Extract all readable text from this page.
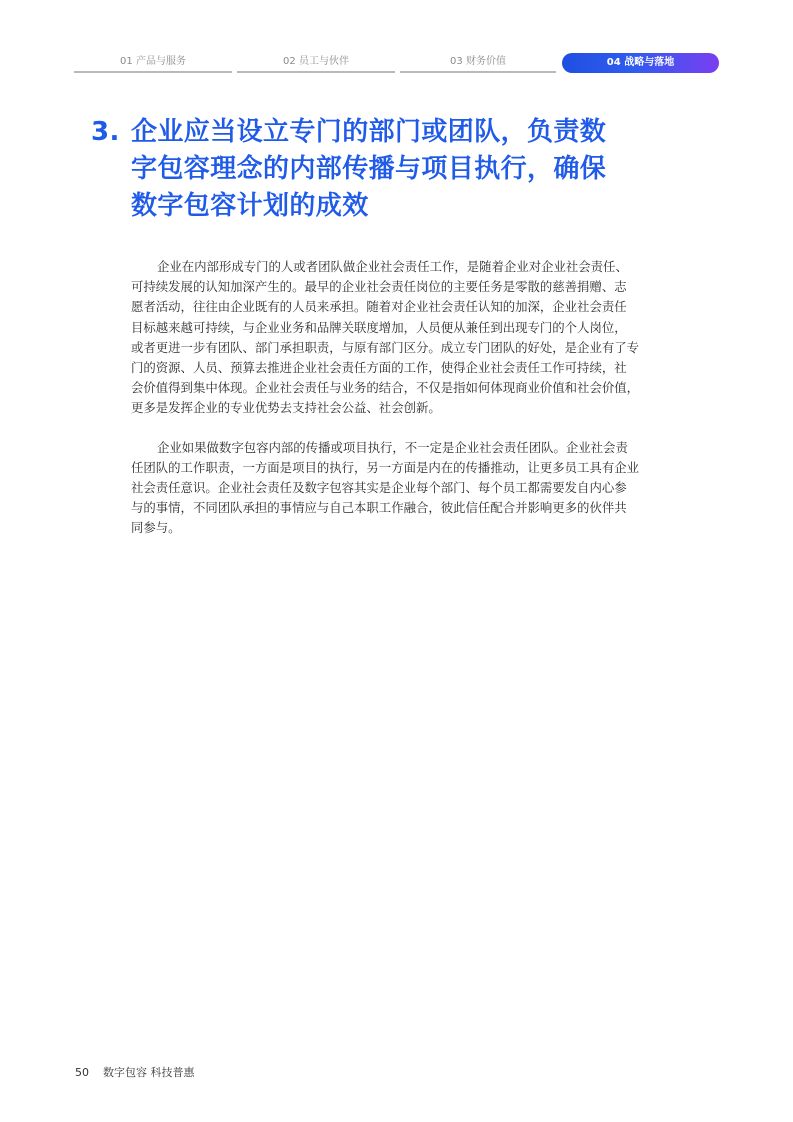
01 产品与服务	02 员工与伙伴	03 财务价值	04 战略与落地
3. 企业应当设立专门的部门或团队，负责数
字包容理念的内部传播与项目执行，确保
数字包容计划的成效

企业在内部形成专门的人或者团队做企业社会责任工作，是随着企业对企业社会责任、
可持续发展的认知加深产生的。最早的企业社会责任岗位的主要任务是零散的慈善捐赠、志
愿者活动，往往由企业既有的人员来承担。随着对企业社会责任认知的加深，企业社会责任
目标越来越可持续，与企业业务和品牌关联度增加，人员便从兼任到出现专门的个人岗位，
或者更进一步有团队、部门承担职责，与原有部门区分。成立专门团队的好处，是企业有了专
门的资源、人员、预算去推进企业社会责任方面的工作，使得企业社会责任工作可持续，社
会价值得到集中体现。企业社会责任与业务的结合，不仅是指如何体现商业价值和社会价值，
更多是发挥企业的专业优势去支持社会公益、社会创新。

企业如果做数字包容内部的传播或项目执行，不一定是企业社会责任团队。企业社会责
任团队的工作职责，一方面是项目的执行，另一方面是内在的传播推动，让更多员工具有企业
社会责任意识。企业社会责任及数字包容其实是企业每个部门、每个员工都需要发自内心参
与的事情，不同团队承担的事情应与自己本职工作融合，彼此信任配合并影响更多的伙伴共
同参与。

50 数字包容 科技普惠
